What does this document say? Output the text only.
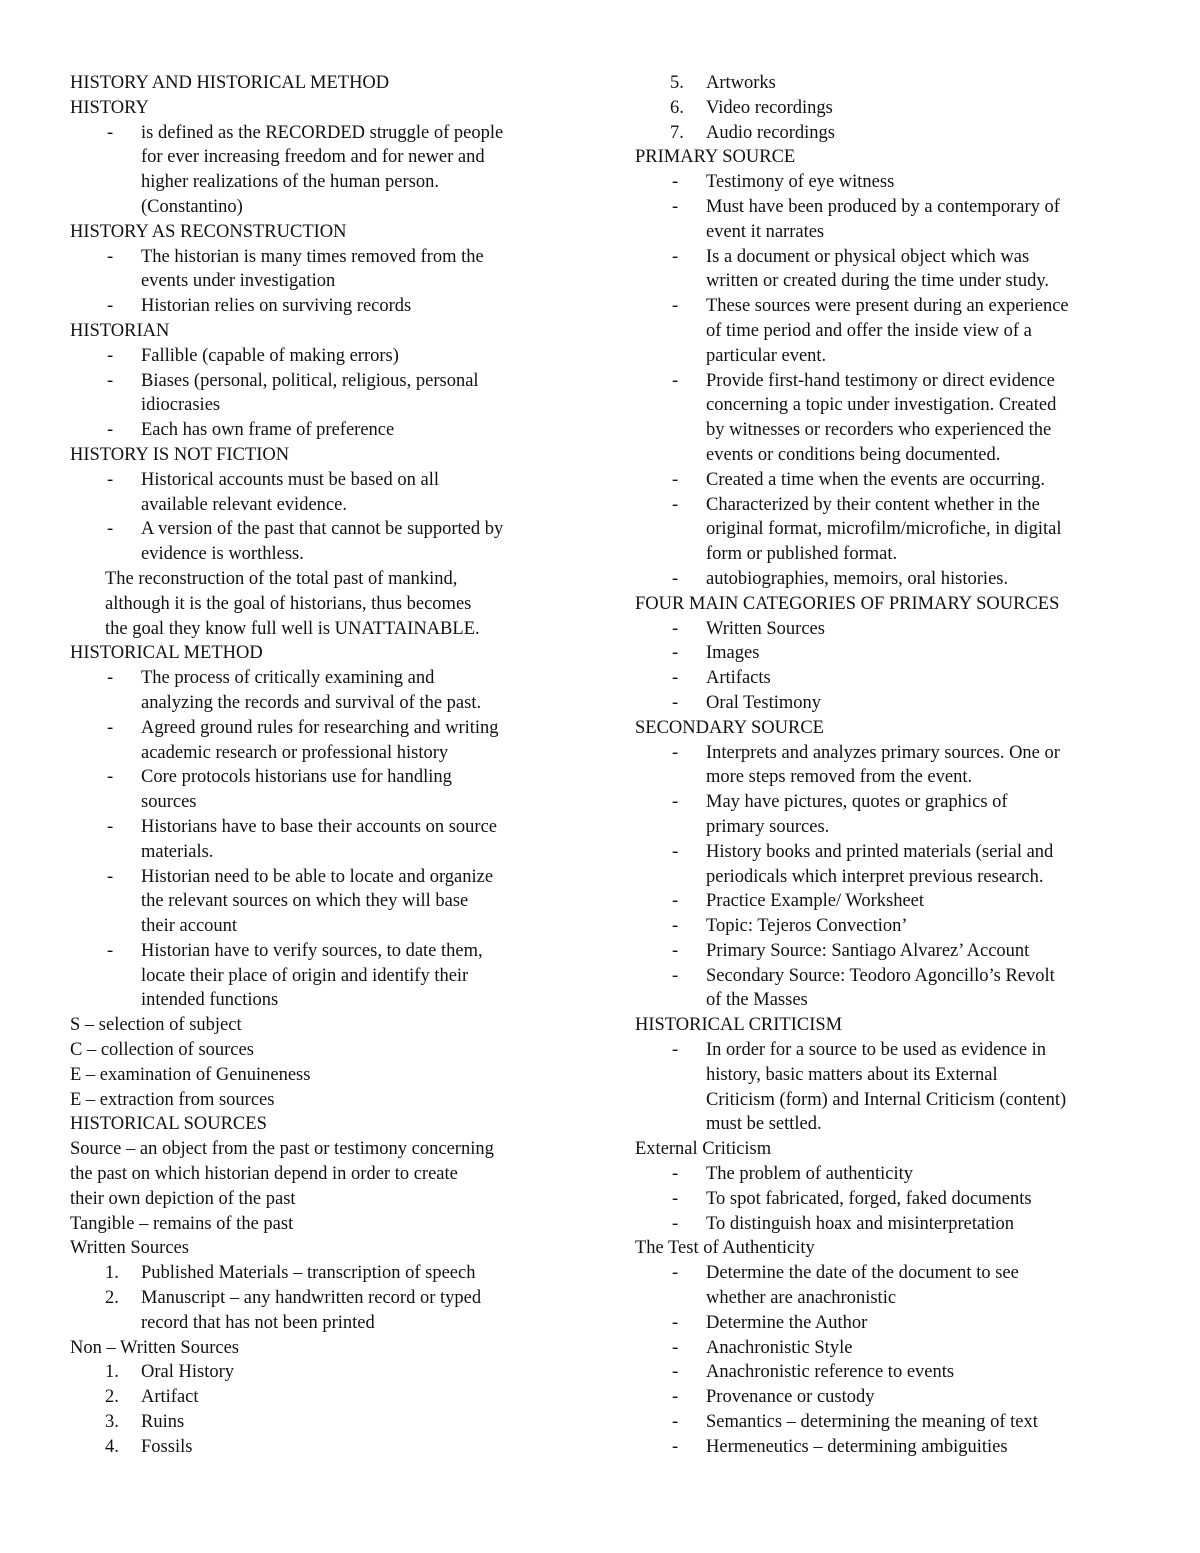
HISTORY AND HISTORICAL METHOD
HISTORY
- is defined as the RECORDED struggle of people
for ever increasing freedom and for newer and
higher realizations of the human person.
(Constantino)
HISTORY AS RECONSTRUCTION
- The historian is many times removed from the
events under investigation
- Historian relies on surviving records
HISTORIAN
- Fallible (capable of making errors)
- Biases (personal, political, religious, personal
idiocrasies
- Each has own frame of preference
HISTORY IS NOT FICTION
- Historical accounts must be based on all
available relevant evidence.
- A version of the past that cannot be supported by
evidence is worthless.
The reconstruction of the total past of mankind,
although it is the goal of historians, thus becomes
the goal they know full well is UNATTAINABLE.
HISTORICAL METHOD
- The process of critically examining and
analyzing the records and survival of the past.
- Agreed ground rules for researching and writing
academic research or professional history
- Core protocols historians use for handling
sources
- Historians have to base their accounts on source
materials.
- Historian need to be able to locate and organize
the relevant sources on which they will base
their account
- Historian have to verify sources, to date them,
locate their place of origin and identify their
intended functions
S – selection of subject
C – collection of sources
E – examination of Genuineness
E – extraction from sources
HISTORICAL SOURCES
Source – an object from the past or testimony concerning
the past on which historian depend in order to create
their own depiction of the past
Tangible – remains of the past
Written Sources
1. Published Materials – transcription of speech
2. Manuscript – any handwritten record or typed
record that has not been printed
Non – Written Sources
1. Oral History
2. Artifact
3. Ruins
4. Fossils
5. Artworks
6. Video recordings
7. Audio recordings
PRIMARY SOURCE
- Testimony of eye witness
- Must have been produced by a contemporary of
event it narrates
- Is a document or physical object which was
written or created during the time under study.
- These sources were present during an experience
of time period and offer the inside view of a
particular event.
- Provide first-hand testimony or direct evidence
concerning a topic under investigation. Created
by witnesses or recorders who experienced the
events or conditions being documented.
- Created a time when the events are occurring.
- Characterized by their content whether in the
original format, microfilm/microfiche, in digital
form or published format.
- autobiographies, memoirs, oral histories.
FOUR MAIN CATEGORIES OF PRIMARY SOURCES
- Written Sources
- Images
- Artifacts
- Oral Testimony
SECONDARY SOURCE
- Interprets and analyzes primary sources. One or
more steps removed from the event.
- May have pictures, quotes or graphics of
primary sources.
- History books and printed materials (serial and
periodicals which interpret previous research.
- Practice Example/ Worksheet
- Topic: Tejeros Convection’
- Primary Source: Santiago Alvarez’ Account
- Secondary Source: Teodoro Agoncillo’s Revolt
of the Masses
HISTORICAL CRITICISM
- In order for a source to be used as evidence in
history, basic matters about its External
Criticism (form) and Internal Criticism (content)
must be settled.
External Criticism
- The problem of authenticity
- To spot fabricated, forged, faked documents
- To distinguish hoax and misinterpretation
The Test of Authenticity
- Determine the date of the document to see
whether are anachronistic
- Determine the Author
- Anachronistic Style
- Anachronistic reference to events
- Provenance or custody
- Semantics – determining the meaning of text
- Hermeneutics – determining ambiguities
